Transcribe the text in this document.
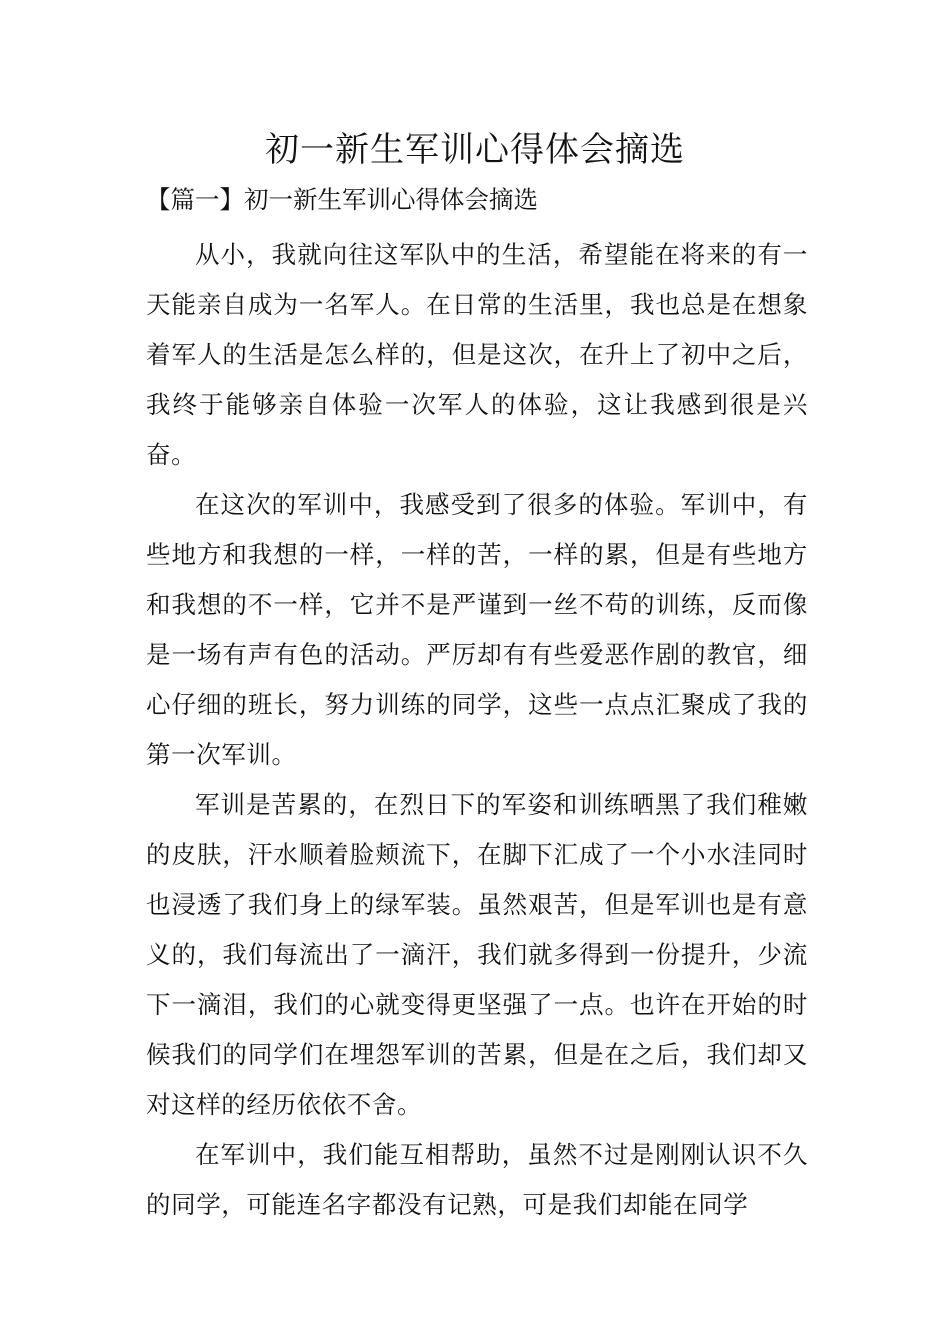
初一新生军训心得体会摘选
【篇一】初一新生军训心得体会摘选

从小，我就向往这军队中的生活，希望能在将来的有一天能亲自成为一名军人。在日常的生活里，我也总是在想象着军人的生活是怎么样的，但是这次，在升上了初中之后，我终于能够亲自体验一次军人的体验，这让我感到很是兴奋。

在这次的军训中，我感受到了很多的体验。军训中，有些地方和我想的一样，一样的苦，一样的累，但是有些地方和我想的不一样，它并不是严谨到一丝不苟的训练，反而像是一场有声有色的活动。严厉却有有些爱恶作剧的教官，细心仔细的班长，努力训练的同学，这些一点点汇聚成了我的第一次军训。

军训是苦累的，在烈日下的军姿和训练晒黑了我们稚嫩的皮肤，汗水顺着脸颊流下，在脚下汇成了一个小水洼同时也浸透了我们身上的绿军装。虽然艰苦，但是军训也是有意义的，我们每流出了一滴汗，我们就多得到一份提升，少流下一滴泪，我们的心就变得更坚强了一点。也许在开始的时候我们的同学们在埋怨军训的苦累，但是在之后，我们却又对这样的经历依依不舍。

在军训中，我们能互相帮助，虽然不过是刚刚认识不久的同学，可能连名字都没有记熟，可是我们却能在同学
